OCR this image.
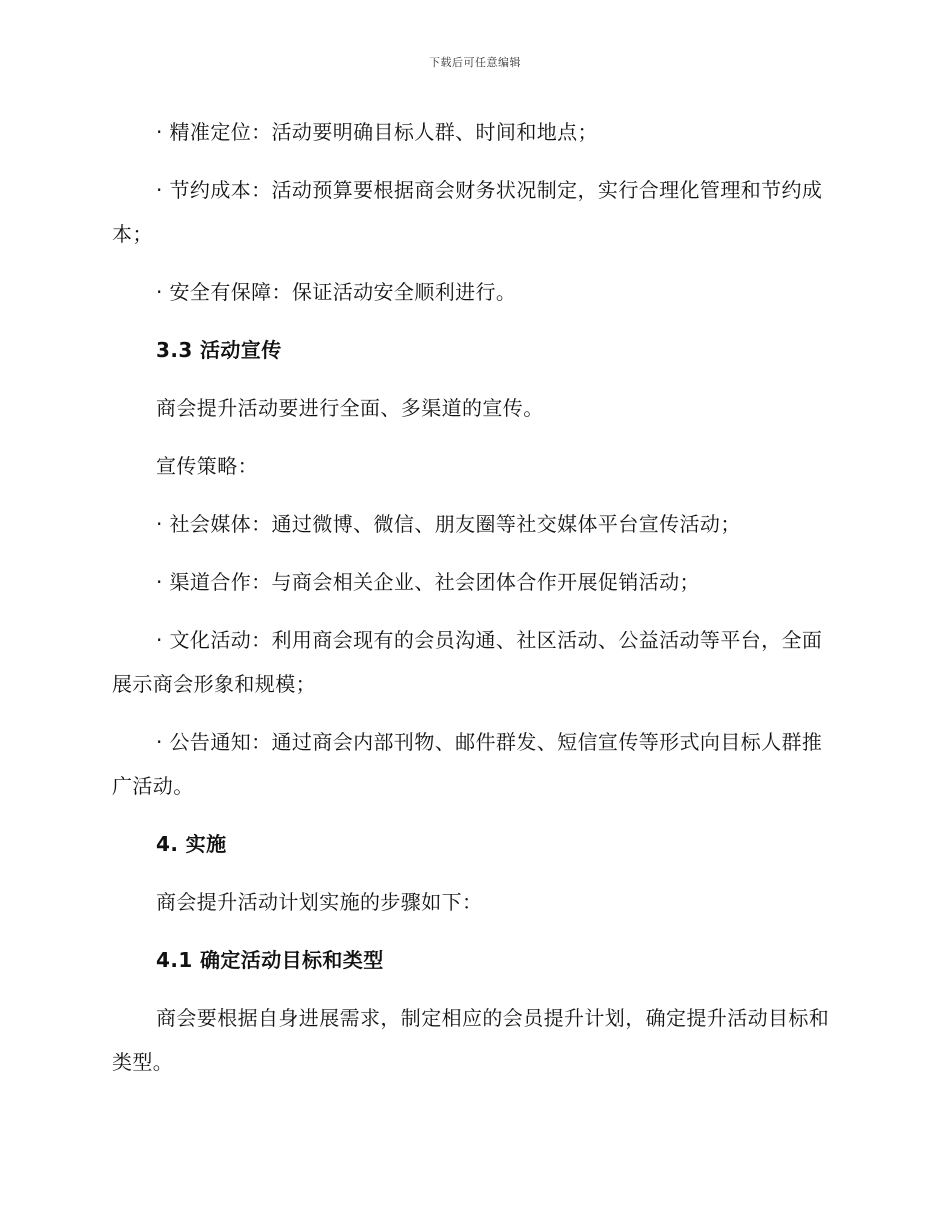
下载后可任意编辑

· 精准定位：活动要明确目标人群、时间和地点；

· 节约成本：活动预算要根据商会财务状况制定，实行合理化管理和节约成本；

· 安全有保障：保证活动安全顺利进行。

3.3 活动宣传

商会提升活动要进行全面、多渠道的宣传。

宣传策略：

· 社会媒体：通过微博、微信、朋友圈等社交媒体平台宣传活动；

· 渠道合作：与商会相关企业、社会团体合作开展促销活动；

· 文化活动：利用商会现有的会员沟通、社区活动、公益活动等平台，全面展示商会形象和规模；

· 公告通知：通过商会内部刊物、邮件群发、短信宣传等形式向目标人群推广活动。

4. 实施

商会提升活动计划实施的步骤如下：

4.1 确定活动目标和类型

商会要根据自身进展需求，制定相应的会员提升计划，确定提升活动目标和类型。
